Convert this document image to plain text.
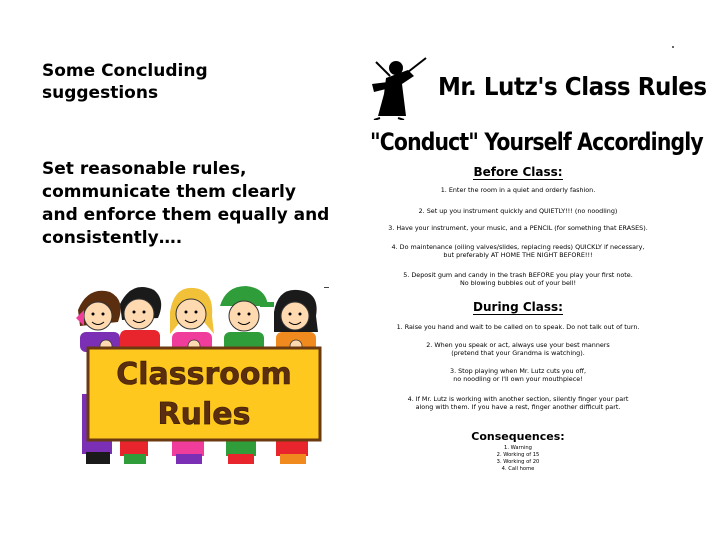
Some Concluding
suggestions
Set reasonable rules,
communicate them clearly
and enforce them equally and
consistently….
Classroom
Rules
Mr. Lutz's Class Rules
"Conduct" Yourself Accordingly
Before Class:
1. Enter the room in a quiet and orderly fashion.
2. Set up you instrument quickly and QUIETLY!!! (no noodling)
3. Have your instrument, your music, and a PENCIL (for something that ERASES).
4. Do maintenance (oiling valves/slides, replacing reeds) QUICKLY if necessary,
but preferably AT HOME THE NIGHT BEFORE!!!
5. Deposit gum and candy in the trash BEFORE you play your first note.
No blowing bubbles out of your bell!
During Class:
1. Raise you hand and wait to be called on to speak. Do not talk out of turn.
2. When you speak or act, always use your best manners
(pretend that your Grandma is watching).
3. Stop playing when Mr. Lutz cuts you off,
no noodling or I'll own your mouthpiece!
4. If Mr. Lutz is working with another section, silently finger your part
along with them. If you have a rest, finger another difficult part.
Consequences:
1. Warning
2. Working of 15
3. Working of 20
4. Call home
